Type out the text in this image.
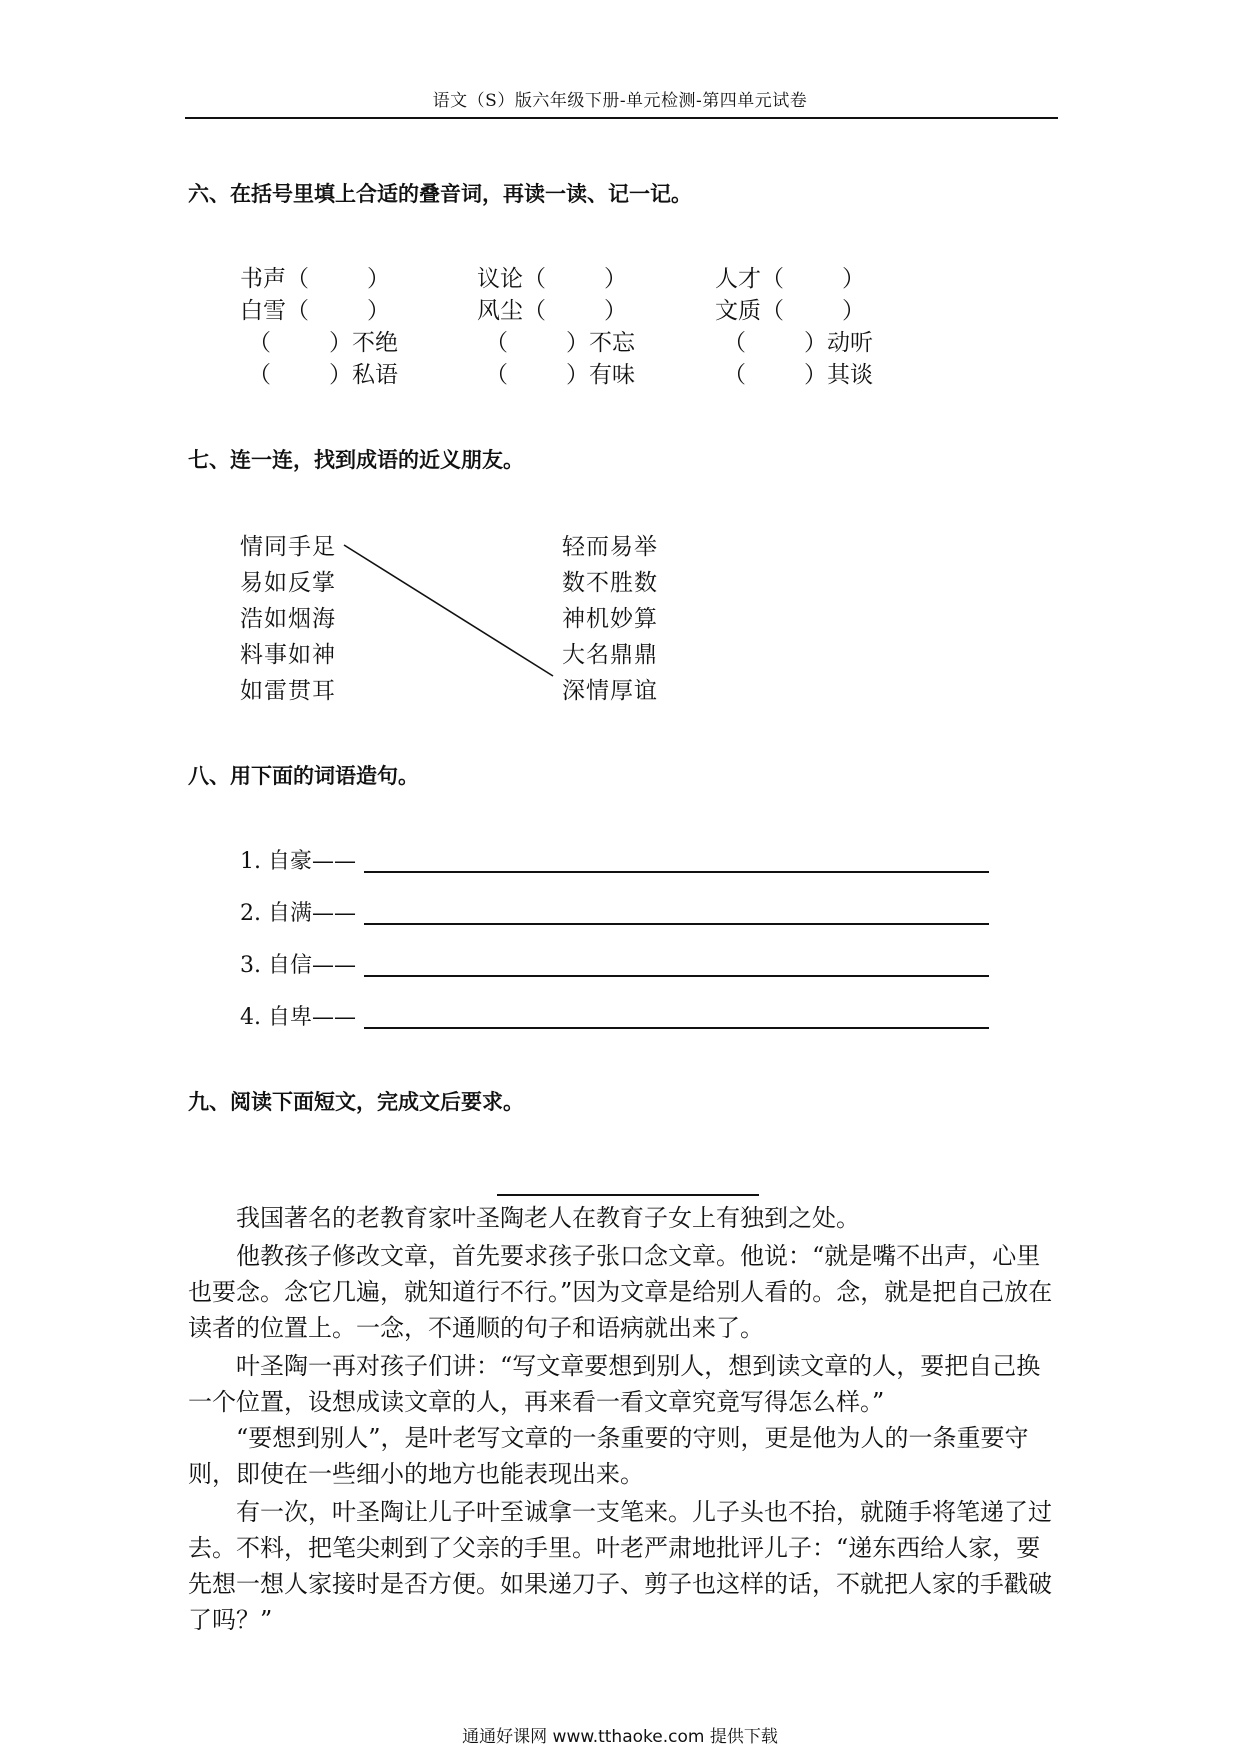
语文（S）版六年级下册-单元检测-第四单元试卷
六、在括号里填上合适的叠音词，再读一读、记一记。
书声（	）	议论（	）	人才（	）
白雪（	）	风尘（	）	文质（	）
（	）不绝	（	）不忘	（	）动听
（	）私语	（	）有味	（	）其谈
七、连一连，找到成语的近义朋友。
情同手足
易如反掌
浩如烟海
料事如神
如雷贯耳
轻而易举
数不胜数
神机妙算
大名鼎鼎
深情厚谊
八、用下面的词语造句。
1. 自豪——
2. 自满——
3. 自信——
4. 自卑——
九、阅读下面短文，完成文后要求。
我国著名的老教育家叶圣陶老人在教育子女上有独到之处。
他教孩子修改文章，首先要求孩子张口念文章。他说：“就是嘴不出声，心里也要念。念它几遍，就知道行不行。”因为文章是给别人看的。念，就是把自己放在读者的位置上。一念，不通顺的句子和语病就出来了。
叶圣陶一再对孩子们讲：“写文章要想到别人，想到读文章的人，要把自己换一个位置，设想成读文章的人，再来看一看文章究竟写得怎么样。”
“要想到别人”，是叶老写文章的一条重要的守则，更是他为人的一条重要守则，即使在一些细小的地方也能表现出来。
有一次，叶圣陶让儿子叶至诚拿一支笔来。儿子头也不抬，就随手将笔递了过去。不料，把笔尖刺到了父亲的手里。叶老严肃地批评儿子：“递东西给人家，要先想一想人家接时是否方便。如果递刀子、剪子也这样的话，不就把人家的手戳破了吗？”
通通好课网 www.tthaoke.com 提供下载
